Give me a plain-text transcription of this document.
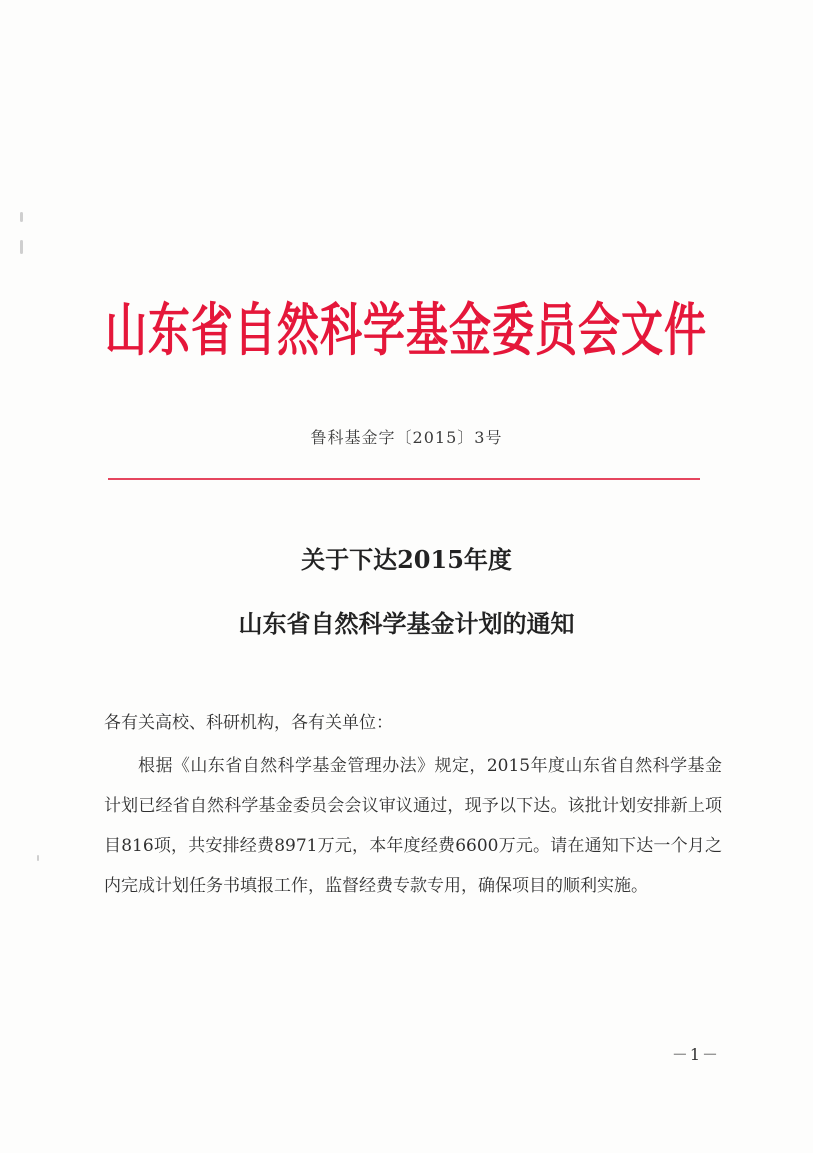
山东省自然科学基金委员会文件
鲁科基金字〔2015〕3号
关于下达2015年度
山东省自然科学基金计划的通知
各有关高校、科研机构，各有关单位：
根据《山东省自然科学基金管理办法》规定，2015年度山东省自然科学基金计划已经省自然科学基金委员会会议审议通过，现予以下达。该批计划安排新上项目816项，共安排经费8971万元，本年度经费6600万元。请在通知下达一个月之内完成计划任务书填报工作，监督经费专款专用，确保项目的顺利实施。
－1－
